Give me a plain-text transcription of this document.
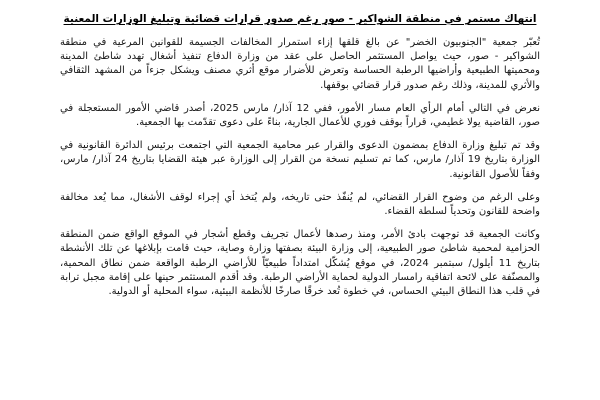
انتهاك مستمر في منطقة الشواكير - صور رغم صدور قرارات قضائية وتبليغ الوزارات المعنية

تُعبّر جمعية "الجنوبيون الخضر" عن بالغ قلقها إزاء استمرار المخالفات الجسيمة للقوانين المرعية في منطقة الشواكير - صور، حيث يواصل المستثمر الحاصل على عقد من وزارة الدفاع تنفيذ أشغال تهدد شاطئ المدينة ومحميتها الطبيعية وأراضيها الرطبة الحساسة وتعرض للأضرار موقع أثري مصنف ويشكل جزءاً من المشهد الثقافي والأثري للمدينة، وذلك رغم صدور قرار قضائي بوقفها.

نعرض في التالي أمام الرأي العام مسار الأمور، ففي 12 آذار/ مارس 2025، أصدر قاضي الأمور المستعجلة في صور، القاضية يولا غطيمي، قراراً بوقف فوري للأعمال الجارية، بناءً على دعوى تقدّمت بها الجمعية.

وقد تم تبليغ وزارة الدفاع بمضمون الدعوى والقرار عبر محامية الجمعية التي اجتمعت برئيس الدائرة القانونية في الوزارة بتاريخ 19 آذار/ مارس، كما تم تسليم نسخة من القرار إلى الوزارة عبر هيئة القضايا بتاريخ 24 آذار/ مارس، وفقاً للأصول القانونية.

وعلى الرغم من وضوح القرار القضائي، لم يُنفّذ حتى تاريخه، ولم يُتخذ أي إجراء لوقف الأشغال، مما يُعد مخالفة واضحة للقانون وتحدياً لسلطة القضاء.

وكانت الجمعية قد توجهت بادئ الأمر، ومنذ رصدها لأعمال تجريف وقطع أشجار في الموقع الواقع ضمن المنطقة الحزامية لمحمية شاطئ صور الطبيعية، إلى وزارة البيئة بصفتها وزارة وصاية، حيث قامت بإبلاغها عن تلك الأنشطة بتاريخ 11 أيلول/ سبتمبر 2024، في موقع يُشكّل امتداداً طبيعيّاً للأراضي الرطبة الواقعة ضمن نطاق المحمية، والمصنّفة على لائحة اتفاقية رامسار الدولية لحماية الأراضي الرطبة. وقد أقدم المستثمر حينها على إقامة مجبل ترابة في قلب هذا النطاق البيئي الحساس، في خطوة تُعد خرقًا صارخًا للأنظمة البيئية، سواء المحلية أو الدولية.
